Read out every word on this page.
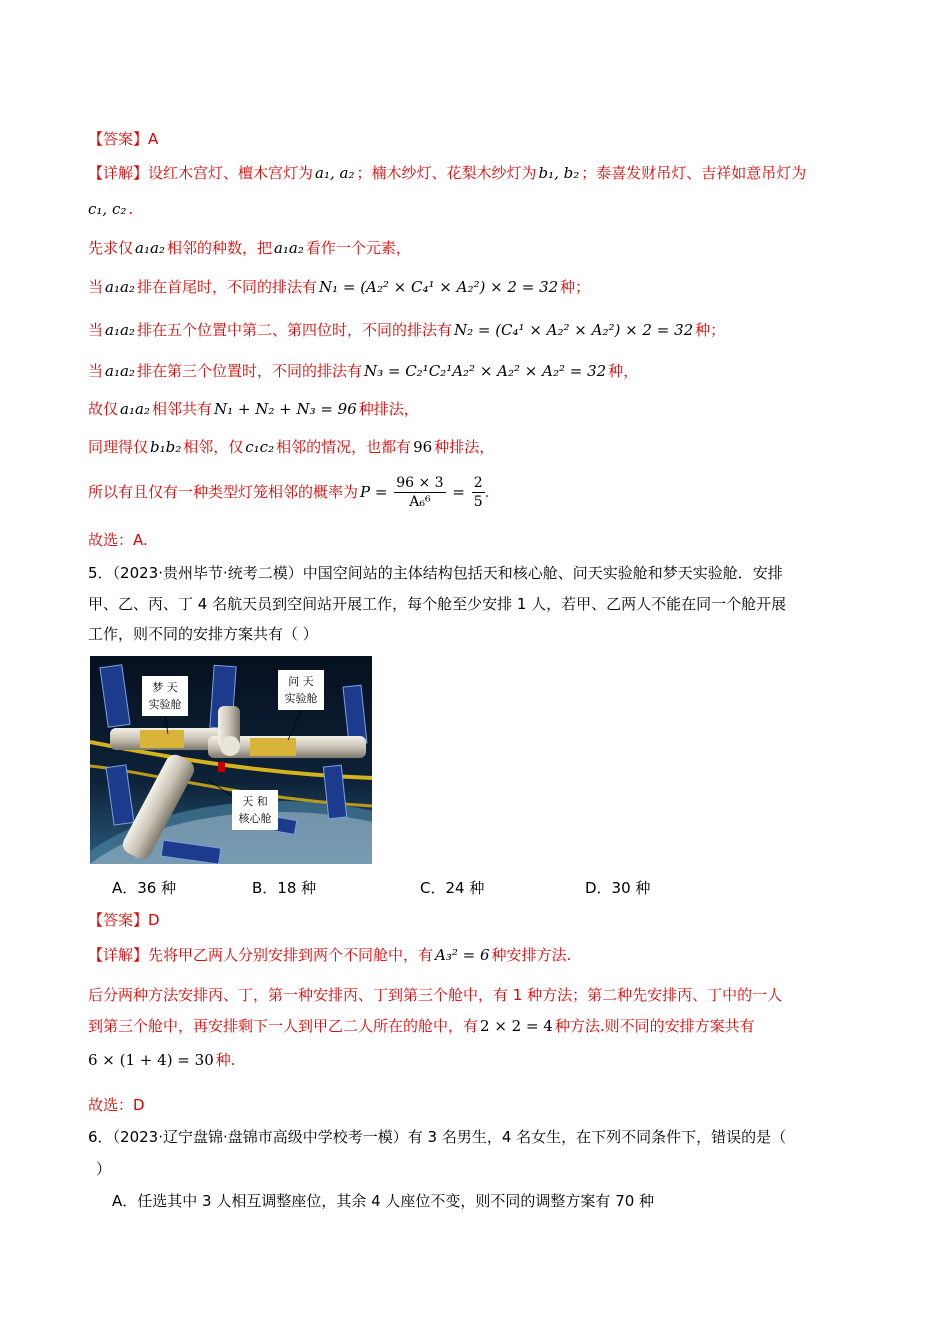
【答案】A
【详解】设红木宫灯、檀木宫灯为 a₁, a₂ ；楠木纱灯、花梨木纱灯为 b₁, b₂ ；泰喜发财吊灯、吉祥如意吊灯为
c₁, c₂ .
先求仅 a₁a₂ 相邻的种数，把 a₁a₂ 看作一个元素，
当 a₁a₂ 排在首尾时，不同的排法有 N₁ = (A₂² × C₄¹ × A₂²) × 2 = 32 种；
当 a₁a₂ 排在五个位置中第二、第四位时，不同的排法有 N₂ = (C₄¹ × A₂² × A₂²) × 2 = 32 种；
当 a₁a₂ 排在第三个位置时，不同的排法有 N₃ = C₂¹C₂¹A₂² × A₂² × A₂² = 32 种，
故仅 a₁a₂ 相邻共有 N₁ + N₂ + N₃ = 96 种排法，
同理得仅 b₁b₂ 相邻，仅 c₁c₂ 相邻的情况，也都有 96 种排法，
所以有且仅有一种类型灯笼相邻的概率为 $P = \frac{96 \times 3}{\text{A₆⁶}} = \frac{2}{5}$ .
故选：A.
5．（2023·贵州毕节·统考二模）中国空间站的主体结构包括天和核心舱、问天实验舱和梦天实验舱．安排
甲、乙、丙、丁 4 名航天员到空间站开展工作，每个舱至少安排 1 人，若甲、乙两人不能在同一个舱开展
工作，则不同的安排方案共有（ ）
梦 天
实验舱
问 天
实验舱
天 和
核心舱
A．36 种	B．18 种	C．24 种	D．30 种
【答案】D
【详解】先将甲乙两人分别安排到两个不同舱中，有 A₃² = 6 种安排方法.
后分两种方法安排丙、丁，第一种安排丙、丁到第三个舱中，有 1 种方法；第二种先安排丙、丁中的一人
到第三个舱中，再安排剩下一人到甲乙二人所在的舱中，有 2 × 2 = 4 种方法.则不同的安排方案共有
6 × (1 + 4) = 30 种.
故选：D
6．（2023·辽宁盘锦·盘锦市高级中学校考一模）有 3 名男生，4 名女生，在下列不同条件下，错误的是（
）
A．任选其中 3 人相互调整座位，其余 4 人座位不变，则不同的调整方案有 70 种
